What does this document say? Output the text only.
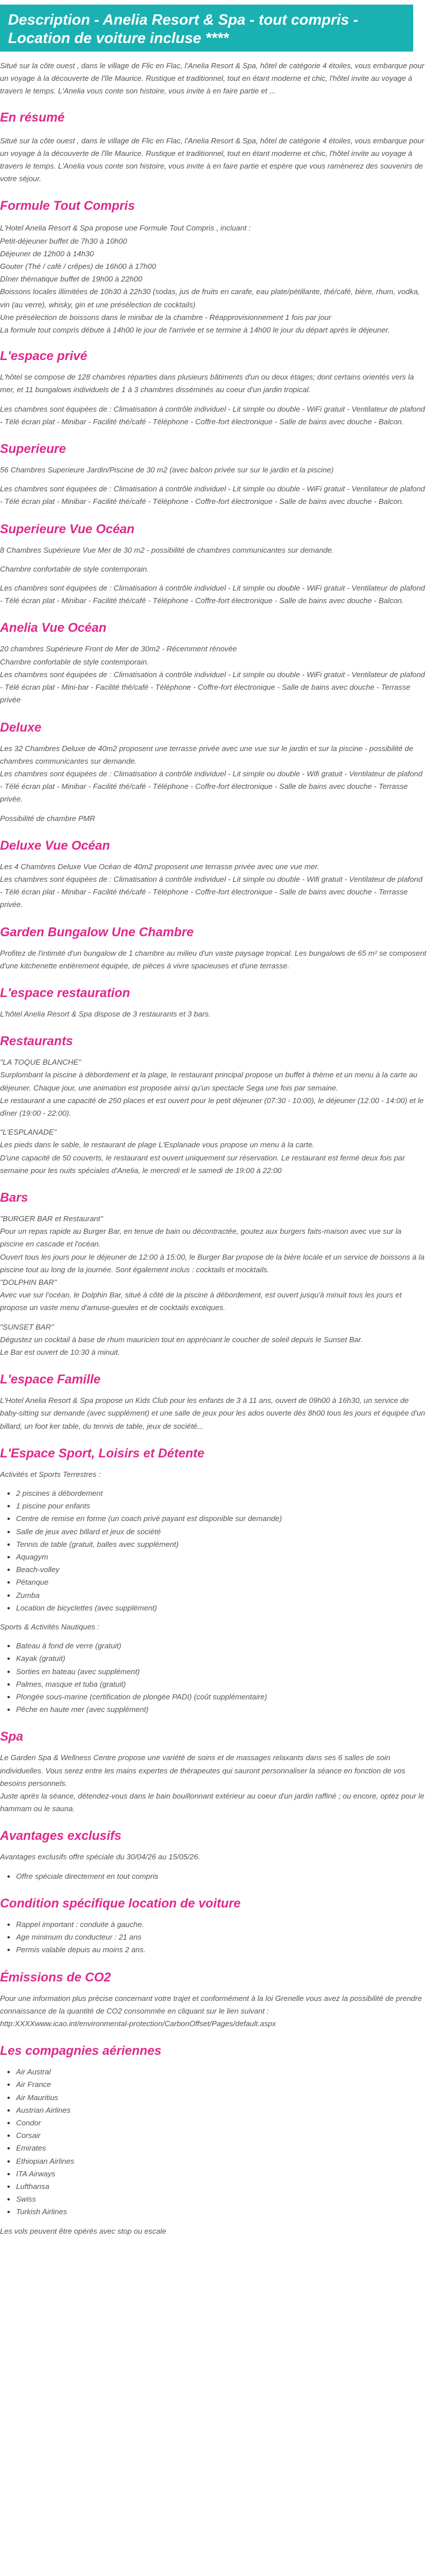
Description - Anelia Resort & Spa - tout compris - Location de voiture incluse ****

Situé sur la côte ouest , dans le village de Flic en Flac, l'Anelia Resort & Spa, hôtel de catégorie 4 étoiles, vous embarque pour un voyage à la découverte de l'île Maurice. Rustique et traditionnel, tout en étant moderne et chic, l'hôtel invite au voyage à travers le temps. L'Anelia vous conte son histoire, vous invite à en faire partie et ...

En résumé

Situé sur la côte ouest , dans le village de Flic en Flac, l'Anelia Resort & Spa, hôtel de catégorie 4 étoiles, vous embarque pour un voyage à la découverte de l'île Maurice. Rustique et traditionnel, tout en étant moderne et chic, l'hôtel invite au voyage à travers le temps. L'Anelia vous conte son histoire, vous invite à en faire partie et espère que vous ramènerez des souvenirs de votre séjour.

Formule Tout Compris

L'Hotel Anelia Resort & Spa propose une Formule Tout Compris , incluant :

Petit-déjeuner buffet de 7h30 à 10h00

Déjeuner de 12h00 à 14h30

Gouter (Thé / café / crêpes) de 16h00 à 17h00

Dîner thématique buffet de 19h00 à 22h00

Boissons locales illimitées de 10h30 à 22h30 (sodas, jus de fruits en carafe, eau plate/pétillante, thé/café, bière, rhum, vodka, vin (au verre), whisky, gin et une présélection de cocktails)

Une présélection de boissons dans le minibar de la chambre - Réapprovisionnement 1 fois par jour

La formule tout compris débute à 14h00 le jour de l'arrivée et se termine à 14h00 le jour du départ après le déjeuner.

L'espace privé

L'hôtel se compose de 128 chambres réparties dans plusieurs bâtiments d'un ou deux étages; dont certains orientés vers la mer, et 11 bungalows individuels de 1 à 3 chambres disséminés au coeur d'un jardin tropical.

Les chambres sont équipées de : Climatisation à contrôle individuel - Lit simple ou double - WiFi gratuit - Ventilateur de plafond - Télé écran plat - Minibar - Facilité thé/café - Téléphone - Coffre-fort électronique - Salle de bains avec douche - Balcon.

Superieure

56 Chambres Superieure Jardin/Piscine de 30 m2 (avec balcon privée sur sur le jardin et la piscine)

Les chambres sont équipées de : Climatisation à contrôle individuel - Lit simple ou double - WiFi gratuit - Ventilateur de plafond - Télé écran plat - Minibar - Facilité thé/café - Téléphone - Coffre-fort électronique - Salle de bains avec douche - Balcon.

Superieure Vue Océan

8 Chambres Supérieure Vue Mer de 30 m2 - possibilité de chambres communicantes sur demande.

Chambre confortable de style contemporain.

Les chambres sont équipées de : Climatisation à contrôle individuel - Lit simple ou double - WiFi gratuit - Ventilateur de plafond - Télé écran plat - Minibar - Facilité thé/café - Téléphone - Coffre-fort électronique - Salle de bains avec douche - Balcon.

Anelia Vue Océan

20 chambres Supérieure Front de Mer de 30m2 - Récemment rénovée

Chambre confortable de style contemporain.

Les chambres sont équipées de : Climatisation à contrôle individuel - Lit simple ou double - WiFi gratuit - Ventilateur de plafond - Télé écran plat - Mini-bar - Facilité thé/café - Téléphone - Coffre-fort électronique - Salle de bains avec douche - Terrasse privée

Deluxe

Les 32 Chambres Deluxe de 40m2 proposent une terrasse privée avec une vue sur le jardin et sur la piscine - possibilité de chambres communicantes sur demande.

Les chambres sont équipées de : Climatisation à contrôle individuel - Lit simple ou double - Wifi gratuit - Ventilateur de plafond - Télé écran plat - Minibar - Facilité thé/café - Téléphone - Coffre-fort électronique - Salle de bains avec douche - Terrasse privée.

Possibilité de chambre PMR

Deluxe Vue Océan

Les 4 Chambres Deluxe Vue Océan de 40m2 proposent une terrasse privée avec une vue mer.

Les chambres sont équipées de : Climatisation à contrôle individuel - Lit simple ou double - Wifi gratuit - Ventilateur de plafond - Télé écran plat - Minibar - Facilité thé/café - Téléphone - Coffre-fort électronique - Salle de bains avec douche - Terrasse privée.

Garden Bungalow Une Chambre

Profitez de l'intimité d'un bungalow de 1 chambre au milieu d'un vaste paysage tropical. Les bungalows de 65 m² se composent d'une kitchenette entièrement équipée, de pièces à vivre spacieuses et d'une terrasse.

L'espace restauration

L'hôtel Anelia Resort & Spa dispose de 3 restaurants et 3 bars.

Restaurants

"LA TOQUE BLANCHE"

Surplombant la piscine à débordement et la plage, le restaurant principal propose un buffet à thème et un menu à la carte au déjeuner. Chaque jour, une animation est proposée ainsi qu'un spectacle Sega une fois par semaine.

Le restaurant a une capacité de 250 places et est ouvert pour le petit déjeuner (07:30 - 10:00), le déjeuner (12:00 - 14:00) et le dîner (19:00 - 22:00).

"L'ESPLANADE"

Les pieds dans le sable, le restaurant de plage L'Esplanade vous propose un menu à la carte.

D'une capacité de 50 couverts, le restaurant est ouvert uniquement sur réservation. Le restaurant est fermé deux fois par semaine pour les nuits spéciales d'Anelia, le mercredi et le samedi de 19:00 à 22:00

Bars

"BURGER BAR et Restaurant"

Pour un repas rapide au Burger Bar, en tenue de bain ou décontractée, goutez aux burgers faits-maison avec vue sur la piscine en cascade et l'océan.

Ouvert tous les jours pour le déjeuner de 12:00 à 15:00, le Burger Bar propose de la bière locale et un service de boissons à la piscine tout au long de la journée. Sont également inclus : cocktails et mocktails.

"DOLPHIN BAR"

Avec vue sur l'océan, le Dolphin Bar, situé à côté de la piscine à débordement, est ouvert jusqu'à minuit tous les jours et propose un vaste menu d'amuse-gueules et de cocktails exotiques.

"SUNSET BAR"

Dégustez un cocktail à base de rhum mauricien tout en appréciant le coucher de soleil depuis le Sunset Bar.

Le Bar est ouvert de 10:30 à minuit.

L'espace Famille

L'Hotel Anelia Resort & Spa propose un Kids Club pour les enfants de 3 à 11 ans, ouvert de 09h00 à 16h30, un service de baby-sitting sur demande (avec supplément) et une salle de jeux pour les ados ouverte dès 8h00 tous les jours et équipée d'un billard, un foot ker table, du tennis de table, jeux de société...

L'Espace Sport, Loisirs et Détente

Activités et Sports Terrestres :

• 2 piscines à débordement
• 1 piscine pour enfants
• Centre de remise en forme (un coach privé payant est disponible sur demande)
• Salle de jeux avec billard et jeux de société
• Tennis de table (gratuit, balles avec supplément)
• Aquagym
• Beach-volley
• Pétanque
• Zumba
• Location de bicyclettes (avec supplément)

Sports & Activités Nautiques :

• Bateau à fond de verre (gratuit)
• Kayak (gratuit)
• Sorties en bateau (avec supplément)
• Palmes, masque et tuba (gratuit)
• Plongée sous-marine (certification de plongée PADI) (coût supplémentaire)
• Pêche en haute mer (avec supplément)
Spa

Le Garden Spa & Wellness Centre propose une variété de soins et de massages relaxants dans ses 6 salles de soin individuelles. Vous serez entre les mains expertes de thérapeutes qui sauront personnaliser la séance en fonction de vos besoins personnels.

Juste après la séance, détendez-vous dans le bain bouillonnant extérieur au coeur d'un jardin raffiné ; ou encore, optez pour le hammam ou le sauna.

Avantages exclusifs

Avantages exclusifs offre spéciale du 30/04/26 au 15/05/26.

• Offre spéciale directement en tout compris
Condition spécifique location de voiture
• Rappel important : conduite à gauche.
• Age minimum du conducteur : 21 ans
• Permis valable depuis au moins 2 ans.
Émissions de CO2

Pour une information plus précise concernant votre trajet et conformément à la loi Grenelle vous avez la possibilité de prendre connaissance de la quantité de CO2 consommée en cliquant sur le lien suivant :

http:XXXXwww.icao.int/environmental-protection/CarbonOffset/Pages/default.aspx

Les compagnies aériennes
• Air Austral
• Air France
• Air Mauritius
• Austrian Airlines
• Condor
• Corsair
• Emirates
• Ethiopian Airlines
• ITA Airways
• Lufthansa
• Swiss
• Turkish Airlines

Les vols peuvent être opérés avec stop ou escale
